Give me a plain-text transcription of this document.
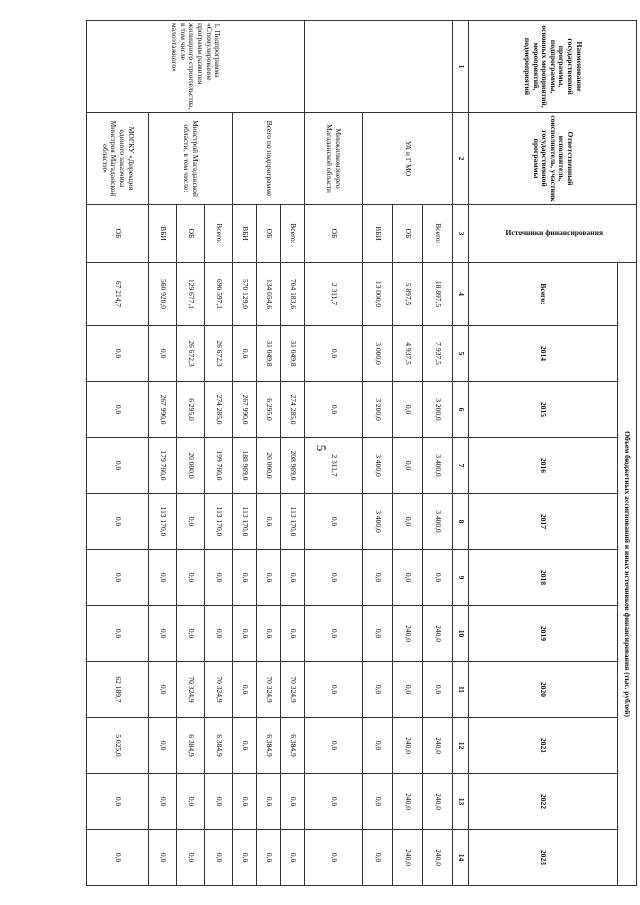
5
Наименование государственной программы, подпрограммы, основных мероприятий, мероприятий, подмероприятий	Ответственный исполнитель, соисполнитель, участник государственной программы	Источники финансирования	Объем бюджетных ассигнований и иных источников финансирования (тыс. рублей)										
			Всего:	2014	2015	2016	2017	2018	2019	2020	2021	2022	2023
1	2	3	4	5	6	7	8	9	10	11	12	13	14
	УА и Г МО	Всего:	18 897,5	7 937,5	3 200,0	3 400,0	3 400,0	0,0	240,0	0,0	240,0	240,0	240,0
		ОБ	5 897,5	4 937,5	0,0	0,0	0,0	0,0	240,0	0,0	240,0	240,0	240,0
		ВБИ	13 000,0	3 000,0	3 200,0	3 400,0	3 400,0	0,0	0,0	0,0	0,0	0,0	0,0
	Минжилкомэнерго Магаданской области	ОБ	2 311,7	0,0	0,0	2 311,7	0,0	0,0	0,0	0,0	0,0	0,0	0,0
1. Подпрограмма «Стимулирование программ развития жилищного строительства, в том числе малоэтажного»	Всего по подпрограмме	Всего:	704 183,6	31 049,8	274 285,0	208 969,0	113 170,0	0,0	0,0	70 324,9	6 384,9	0,0	0,0
		ОБ	134 054,6	31 049,8	6 295,0	20 000,0	0,0	0,0	0,0	70 324,9	6 384,9	0,0	0,0
		ВБИ	570 129,0	0,0	267 990,0	188 969,0	113 170,0	0,0	0,0	0,0	0,0	0,0	0,0
	Минстрой Магаданской области, в том числе:	Всего:	690 597,1	26 672,3	274 285,0	199 760,0	113 170,0	0,0	0,0	70 324,9	6 384,9	0,0	0,0
		ОБ	129 677,1	26 672,3	6 295,0	20 000,0	0,0	0,0	0,0	70 324,9	6 384,9	0,0	0,0
		ВБИ	560 920,0	0,0	267 990,0	179 760,0	113 170,0	0,0	0,0	0,0	0,0	0,0	0,0
	МОГКУ «Дирекция единого заказчика Минстроя Магаданской области»	ОБ	67 214,7	0,0	0,0	0,0	0,0	0,0	0,0	62 189,7	5 025,0	0,0	0,0
